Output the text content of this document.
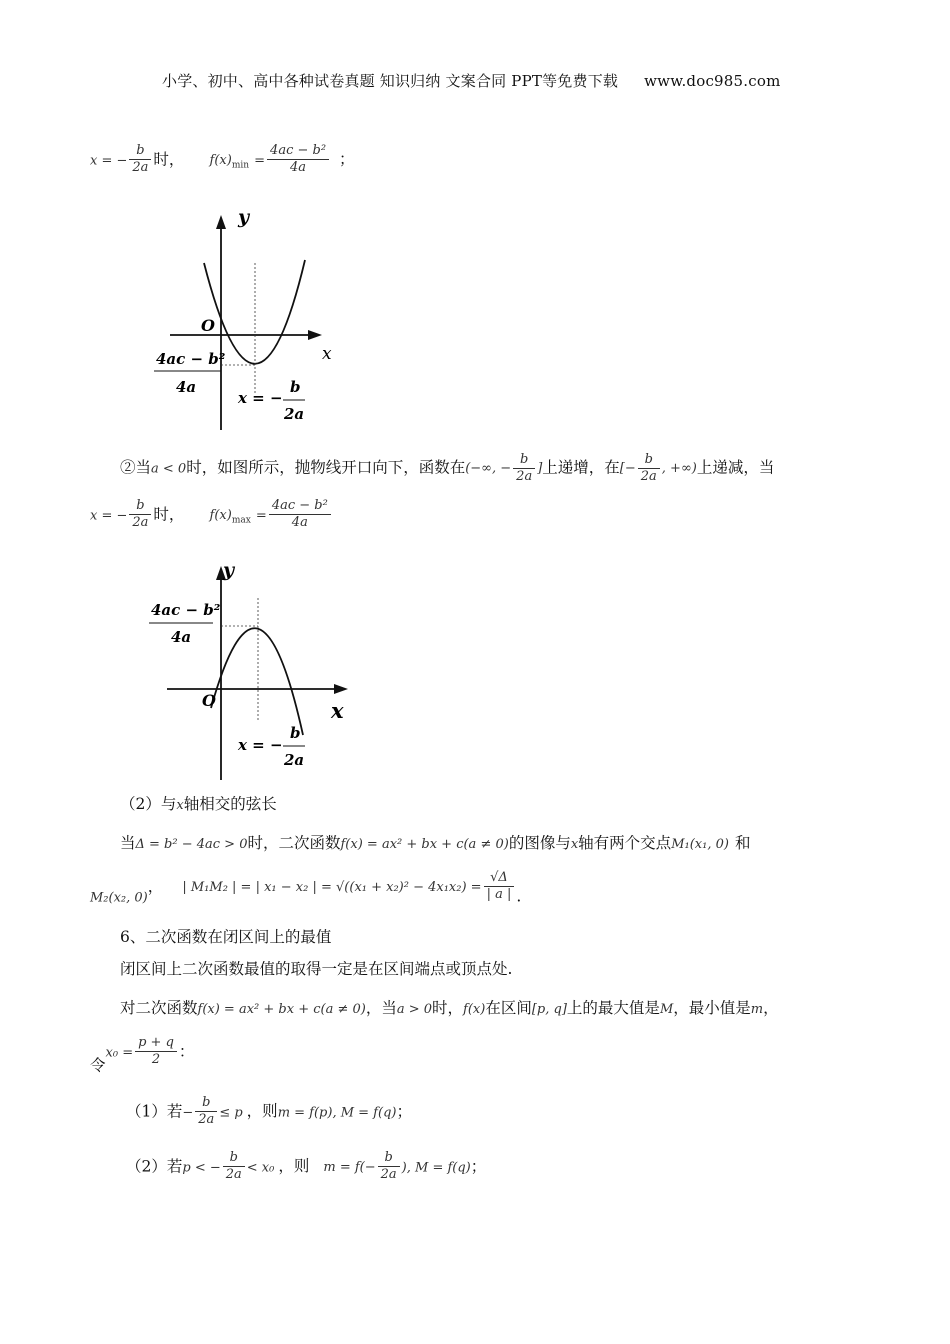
小学、初中、高中各种试卷真题 知识归纳 文案合同 PPT等免费下载 www.doc985.com
x = − $\frac{b}{2a}$ 时， $f(x)_{min} = \frac{\text{4ac − b²}}{4a}$ ；
y
x
O
4ac − b²
4a
x = −
b
2a
②当a < 0时，如图所示，抛物线开口向下，函数在(−∞, − $\frac{b}{2a}$ ]上递增，在[− $\frac{b}{2a}$ , +∞)上递减，当
x = − $\frac{b}{2a}$ 时， $f(x)_{max} = \frac{\text{4ac − b²}}{4a}$
y
x
O
4ac − b²
4a
x = −
b
2a
（2）与x轴相交的弦长
当Δ = b² − 4ac > 0时，二次函数f(x) = ax² + bx + c(a ≠ 0)的图像与x轴有两个交点M₁(x₁, 0) 和
$_{M_2(x_2, 0)}$， | M₁M₂ | = | x₁ − x₂ | = $√((x_1 + x_2)^2 - 4x_1x_2) = \frac{√\Delta}{| a |}$ .
6、二次函数在闭区间上的最值
闭区间上二次函数最值的取得一定是在区间端点或顶点处.
对二次函数f(x) = ax² + bx + c(a ≠ 0)，当a > 0时，f(x)在区间[p, q]上的最大值是M，最小值是m，
令$x_0 = \frac{p + q}{2}$ ：
（1）若− $\frac{b}{2a} \le p$ ，则m = f(p), M = f(q)；
（2）若p < − $\frac{b}{2a} < x_0$ ，则 $m = f(- \frac{b}{2a}$ ), M = f(q)；
